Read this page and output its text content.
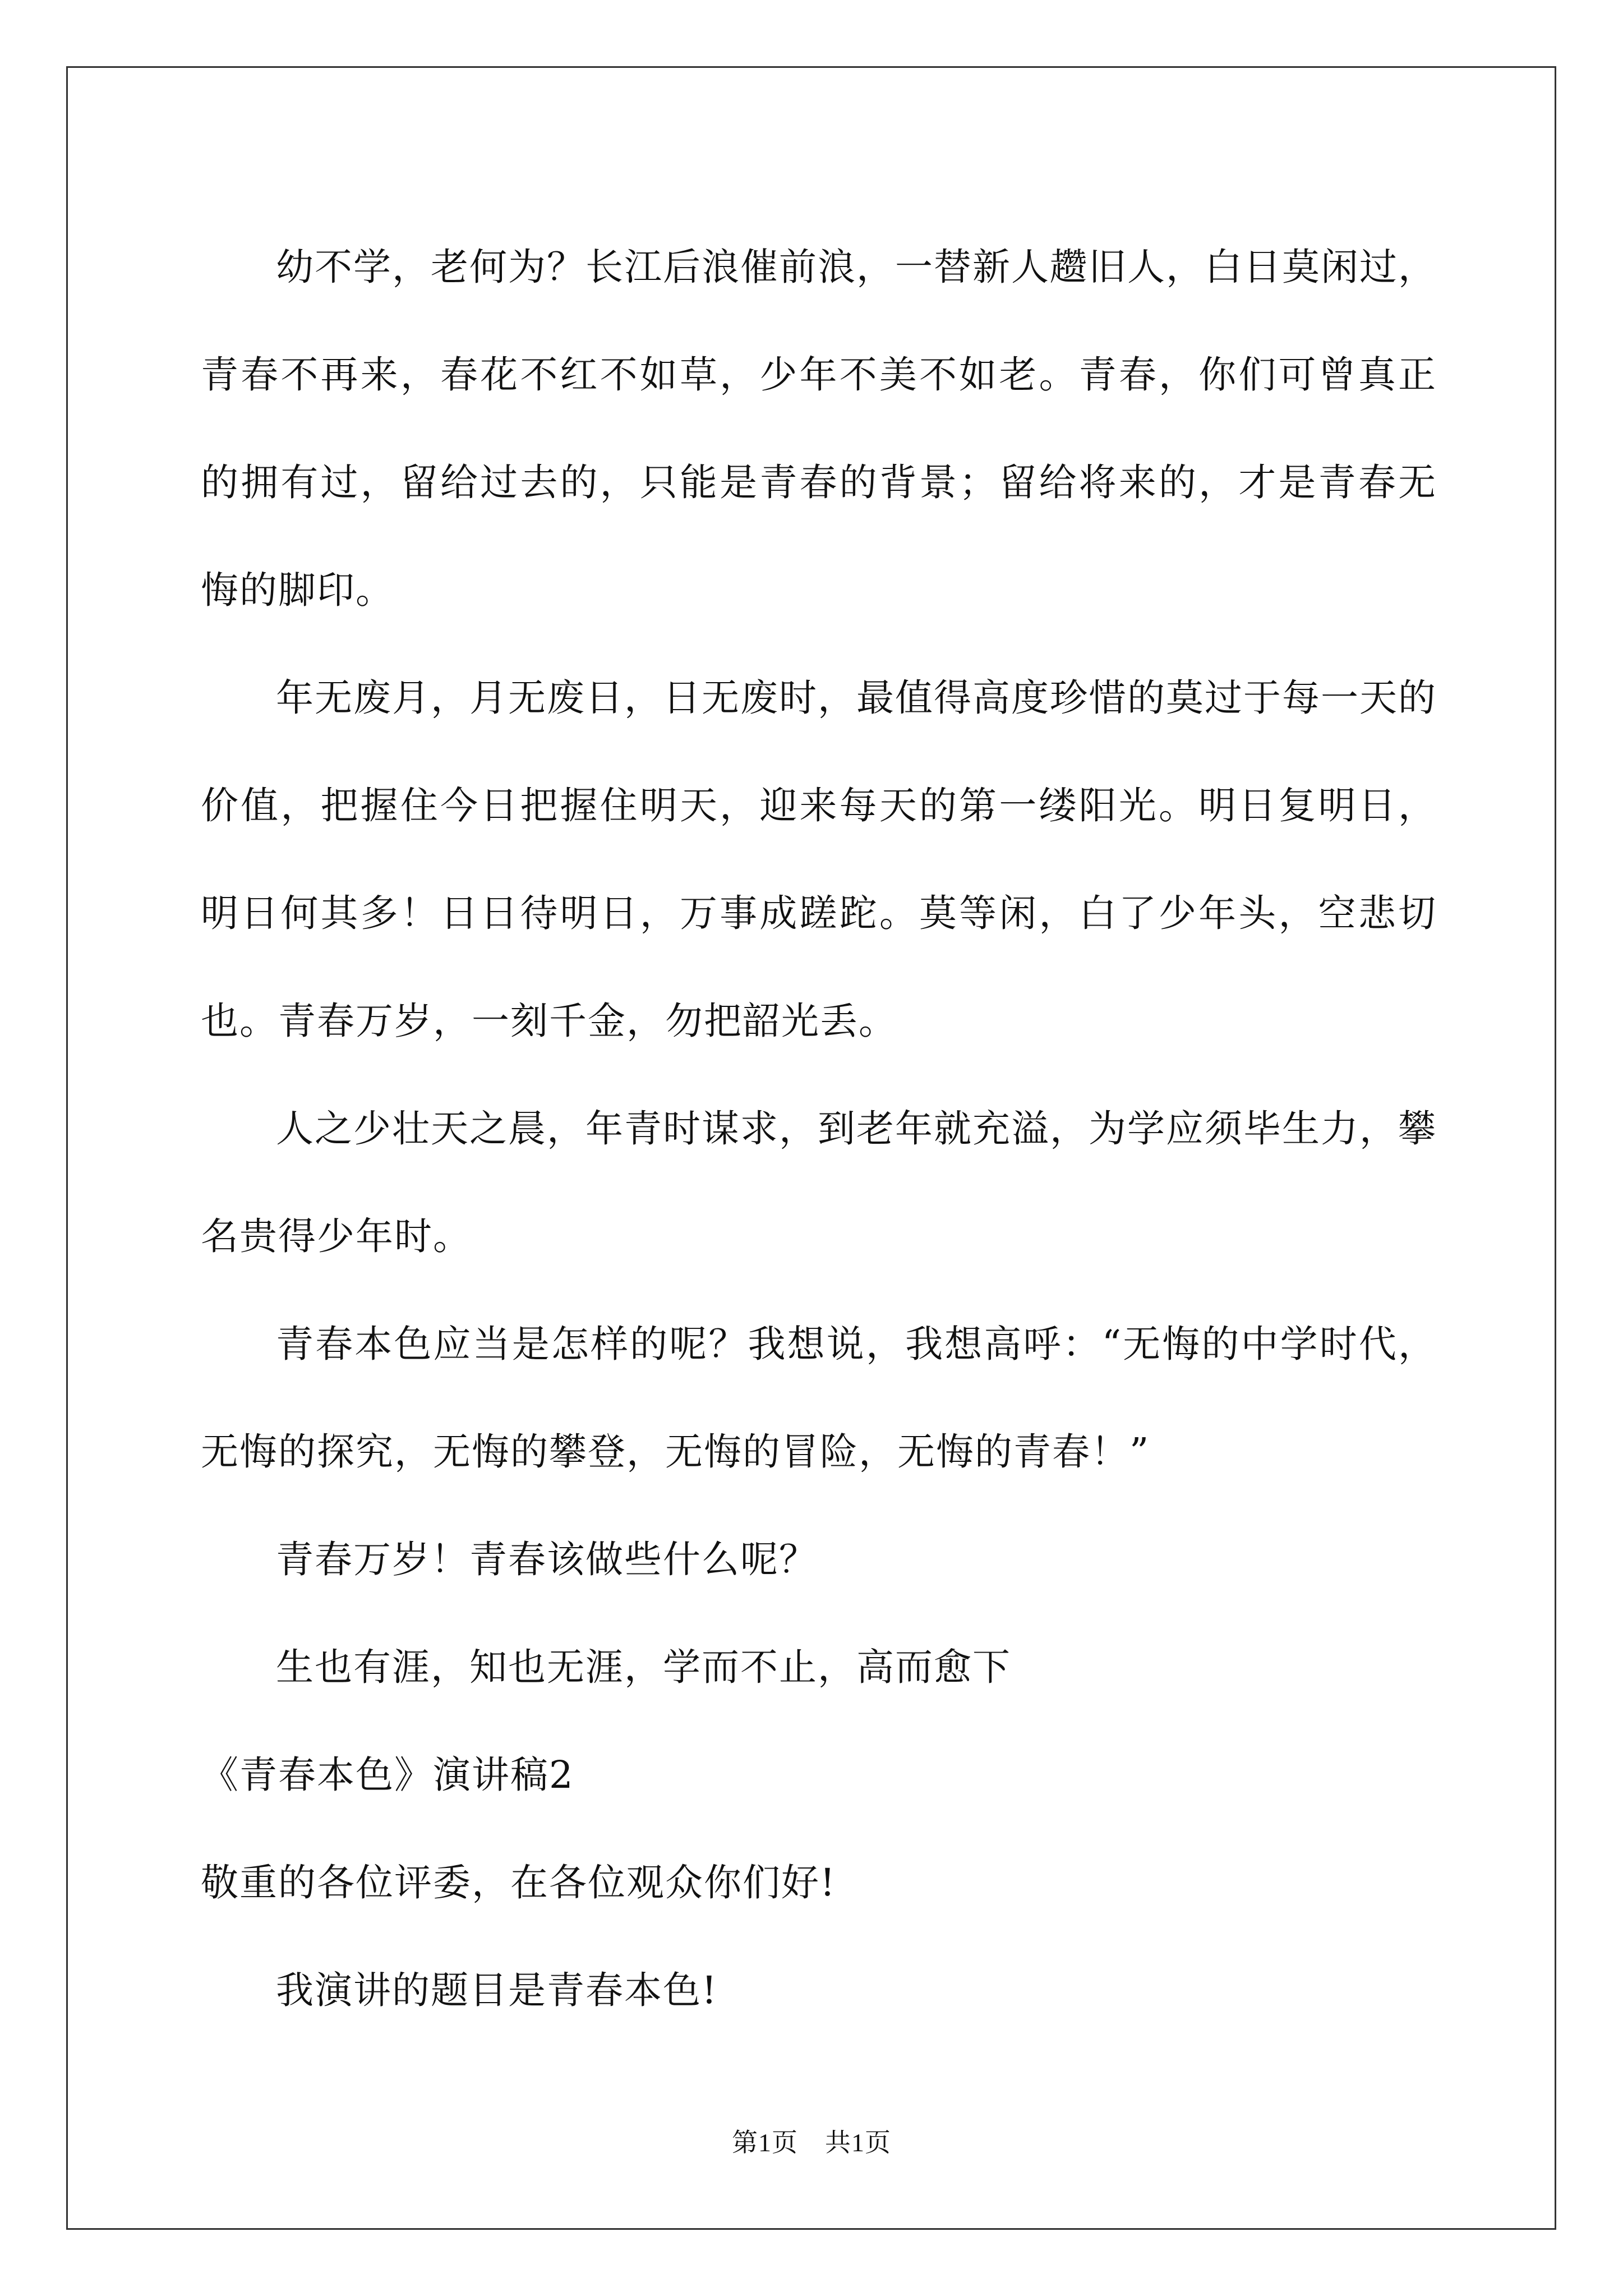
幼不学，老何为？长江后浪催前浪，一替新人趱旧人，白日莫闲过，青春不再来，春花不红不如草，少年不美不如老。青春，你们可曾真正的拥有过，留给过去的，只能是青春的背景；留给将来的，才是青春无悔的脚印。

年无废月，月无废日，日无废时，最值得高度珍惜的莫过于每一天的价值，把握住今日把握住明天，迎来每天的第一缕阳光。明日复明日，明日何其多！日日待明日，万事成蹉跎。莫等闲，白了少年头，空悲切也。青春万岁，一刻千金，勿把韶光丢。

人之少壮天之晨，年青时谋求，到老年就充溢，为学应须毕生力，攀名贵得少年时。

青春本色应当是怎样的呢？我想说，我想高呼：“无悔的中学时代，无悔的探究，无悔的攀登，无悔的冒险，无悔的青春！”

青春万岁！青春该做些什么呢？

生也有涯，知也无涯，学而不止，高而愈下

《青春本色》演讲稿2

敬重的各位评委，在各位观众你们好!

我演讲的题目是青春本色!

第1页 共1页
